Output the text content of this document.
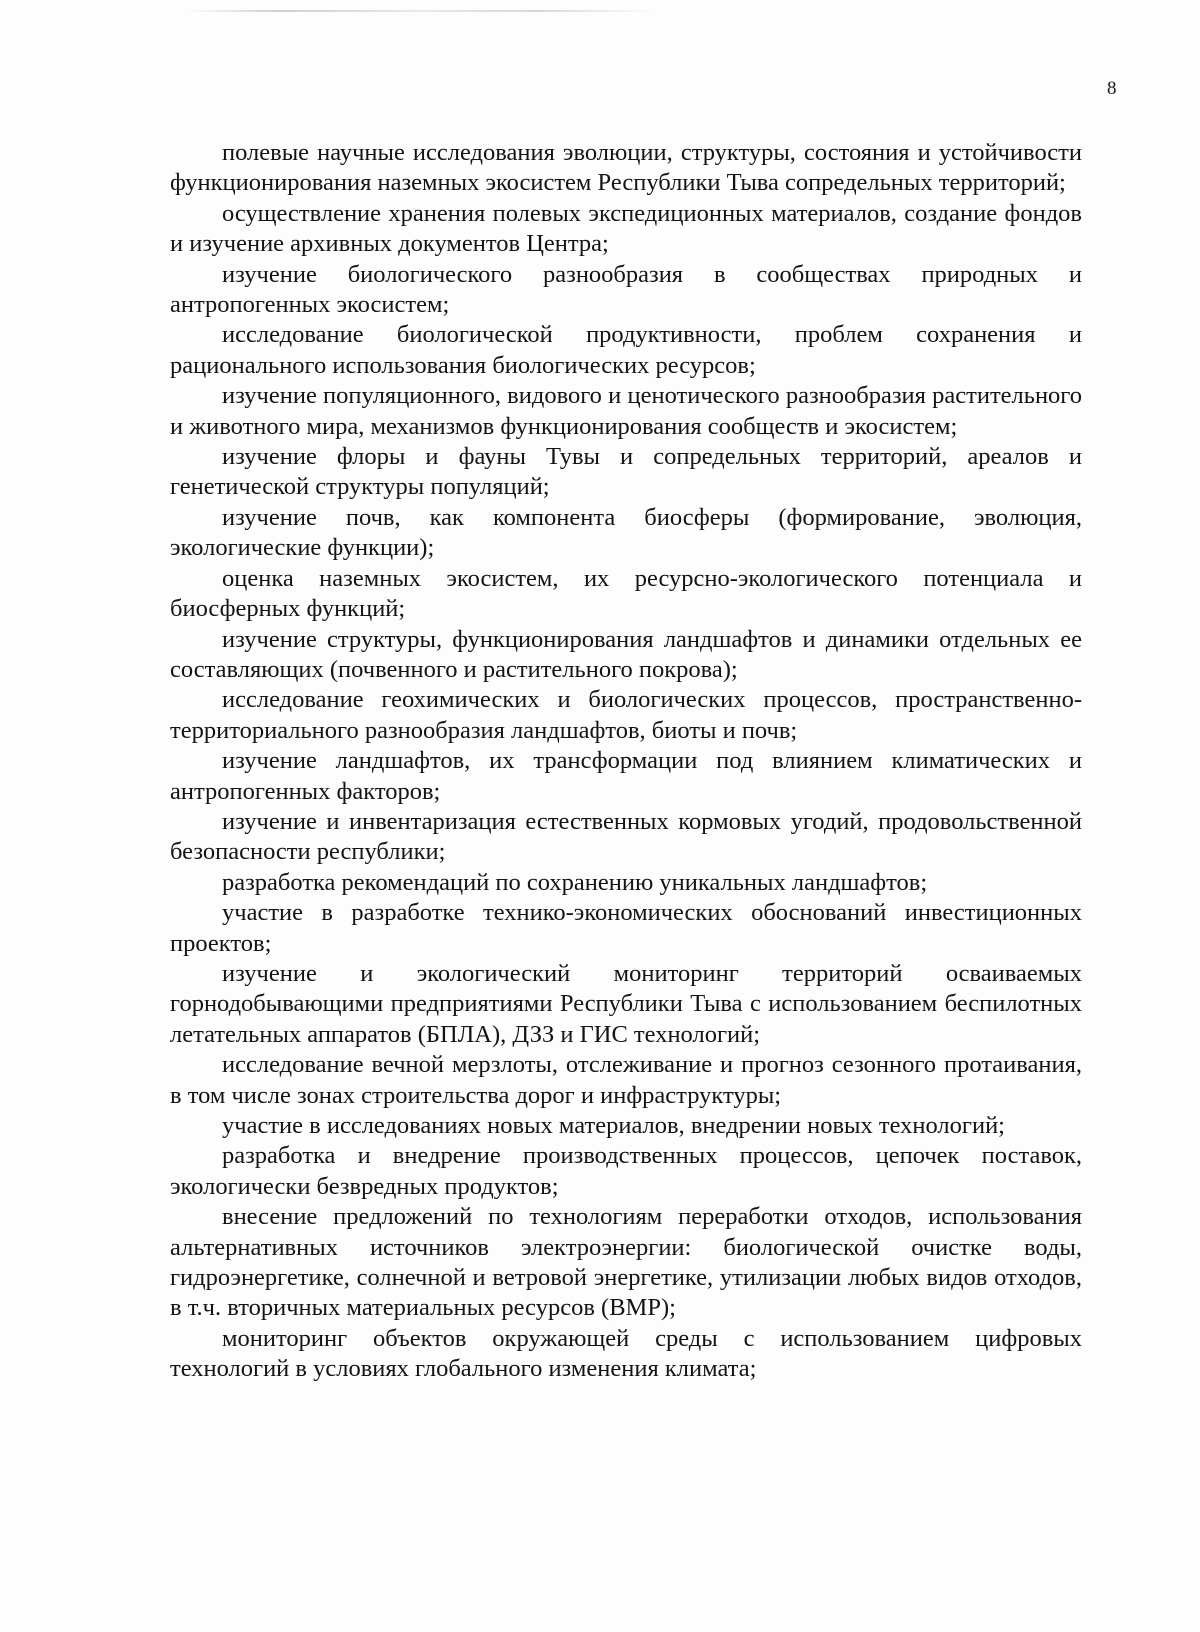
8

полевые научные исследования эволюции, структуры, состояния и устойчивости функционирования наземных экосистем Республики Тыва сопредельных территорий;

осуществление хранения полевых экспедиционных материалов, создание фондов и изучение архивных документов Центра;

изучение биологического разнообразия в сообществах природных и антропогенных экосистем;

исследование биологической продуктивности, проблем сохранения и рационального использования биологических ресурсов;

изучение популяционного, видового и ценотического разнообразия растительного и животного мира, механизмов функционирования сообществ и экосистем;

изучение флоры и фауны Тувы и сопредельных территорий, ареалов и генетической структуры популяций;

изучение почв, как компонента биосферы (формирование, эволюция, экологические функции);

оценка наземных экосистем, их ресурсно-экологического потенциала и биосферных функций;

изучение структуры, функционирования ландшафтов и динамики отдельных ее составляющих (почвенного и растительного покрова);

исследование геохимических и биологических процессов, пространственно-территориального разнообразия ландшафтов, биоты и почв;

изучение ландшафтов, их трансформации под влиянием климатических и антропогенных факторов;

изучение и инвентаризация естественных кормовых угодий, продовольственной безопасности республики;

разработка рекомендаций по сохранению уникальных ландшафтов;

участие в разработке технико-экономических обоснований инвестиционных проектов;

изучение и экологический мониторинг территорий осваиваемых горнодобывающими предприятиями Республики Тыва с использованием беспилотных летательных аппаратов (БПЛА), ДЗЗ и ГИС технологий;

исследование вечной мерзлоты, отслеживание и прогноз сезонного протаивания, в том числе зонах строительства дорог и инфраструктуры;

участие в исследованиях новых материалов, внедрении новых технологий;

разработка и внедрение производственных процессов, цепочек поставок, экологически безвредных продуктов;

внесение предложений по технологиям переработки отходов, использования альтернативных источников электроэнергии: биологической очистке воды, гидроэнергетике, солнечной и ветровой энергетике, утилизации любых видов отходов, в т.ч. вторичных материальных ресурсов (ВМР);

мониторинг объектов окружающей среды с использованием цифровых технологий в условиях глобального изменения климата;
